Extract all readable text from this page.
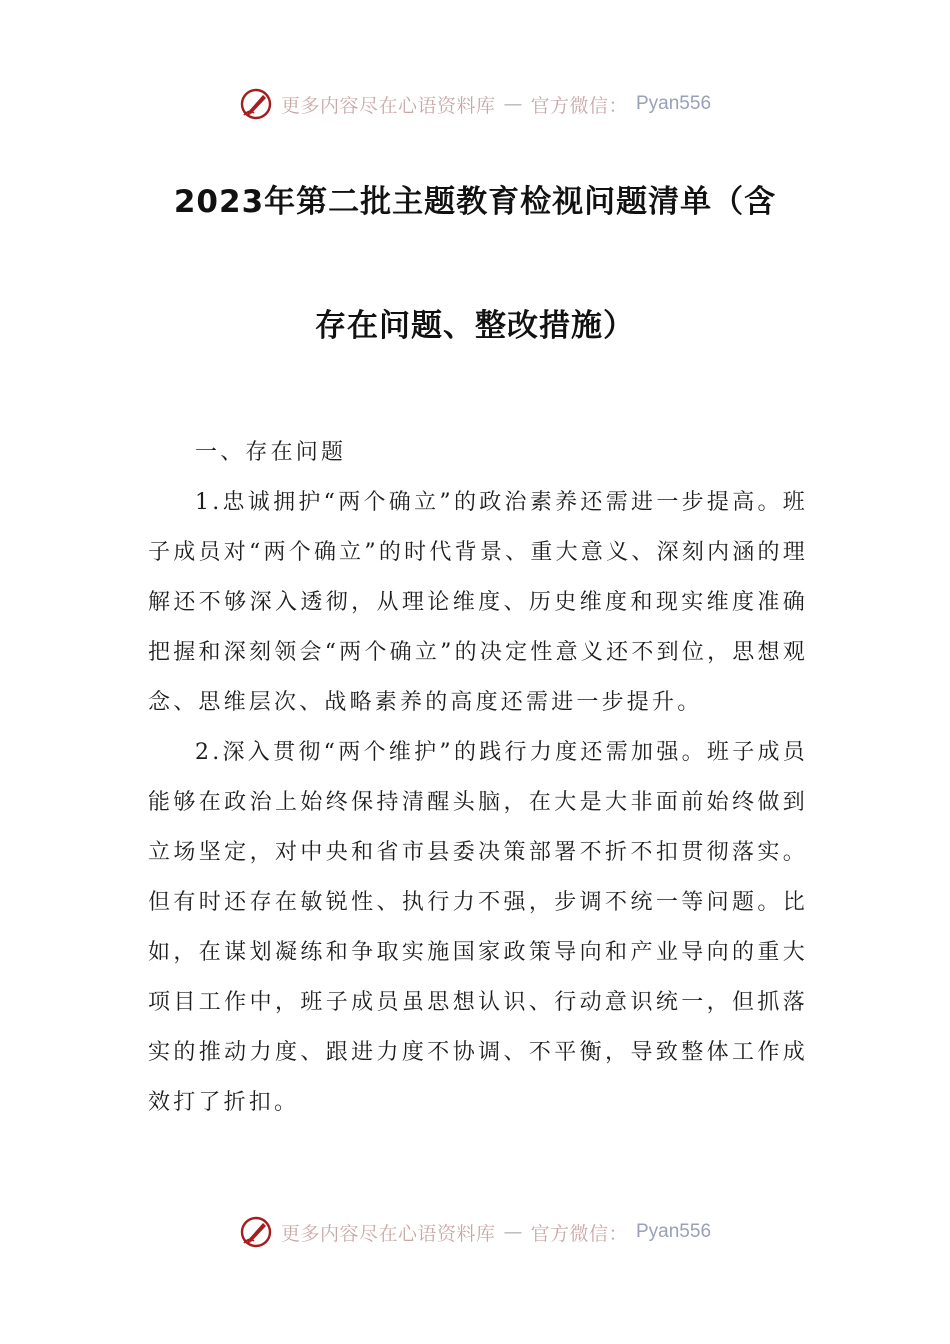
更多内容尽在心语资料库 — 官方微信： Pyan556
2023年第二批主题教育检视问题清单（含
存在问题、整改措施）
一、存在问题

1.忠诚拥护“两个确立”的政治素养还需进一步提高。班子成员对“两个确立”的时代背景、重大意义、深刻内涵的理解还不够深入透彻，从理论维度、历史维度和现实维度准确把握和深刻领会“两个确立”的决定性意义还不到位，思想观念、思维层次、战略素养的高度还需进一步提升。

2.深入贯彻“两个维护”的践行力度还需加强。班子成员能够在政治上始终保持清醒头脑，在大是大非面前始终做到立场坚定，对中央和省市县委决策部署不折不扣贯彻落实。但有时还存在敏锐性、执行力不强，步调不统一等问题。比如，在谋划凝练和争取实施国家政策导向和产业导向的重大项目工作中，班子成员虽思想认识、行动意识统一，但抓落实的推动力度、跟进力度不协调、不平衡，导致整体工作成效打了折扣。

更多内容尽在心语资料库 — 官方微信： Pyan556
